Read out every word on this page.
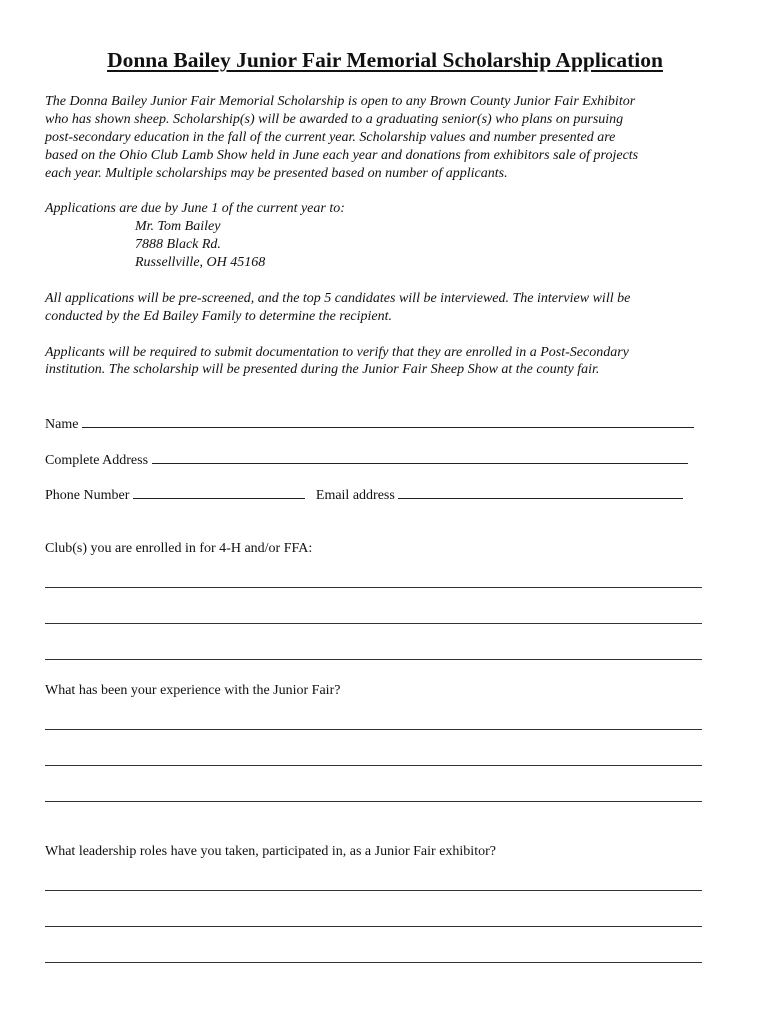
Donna Bailey Junior Fair Memorial Scholarship Application

The Donna Bailey Junior Fair Memorial Scholarship is open to any Brown County Junior Fair Exhibitor

who has shown sheep. Scholarship(s) will be awarded to a graduating senior(s) who plans on pursuing

post-secondary education in the fall of the current year. Scholarship values and number presented are

based on the Ohio Club Lamb Show held in June each year and donations from exhibitors sale of projects

each year. Multiple scholarships may be presented based on number of applicants.

Applications are due by June 1 of the current year to:

Mr. Tom Bailey
7888 Black Rd.
Russellville, OH 45168

All applications will be pre-screened, and the top 5 candidates will be interviewed. The interview will be

conducted by the Ed Bailey Family to determine the recipient.

Applicants will be required to submit documentation to verify that they are enrolled in a Post-Secondary

institution. The scholarship will be presented during the Junior Fair Sheep Show at the county fair.

Name
Complete Address
Phone Number	Email address
Club(s) you are enrolled in for 4-H and/or FFA:
What has been your experience with the Junior Fair?
What leadership roles have you taken, participated in, as a Junior Fair exhibitor?
